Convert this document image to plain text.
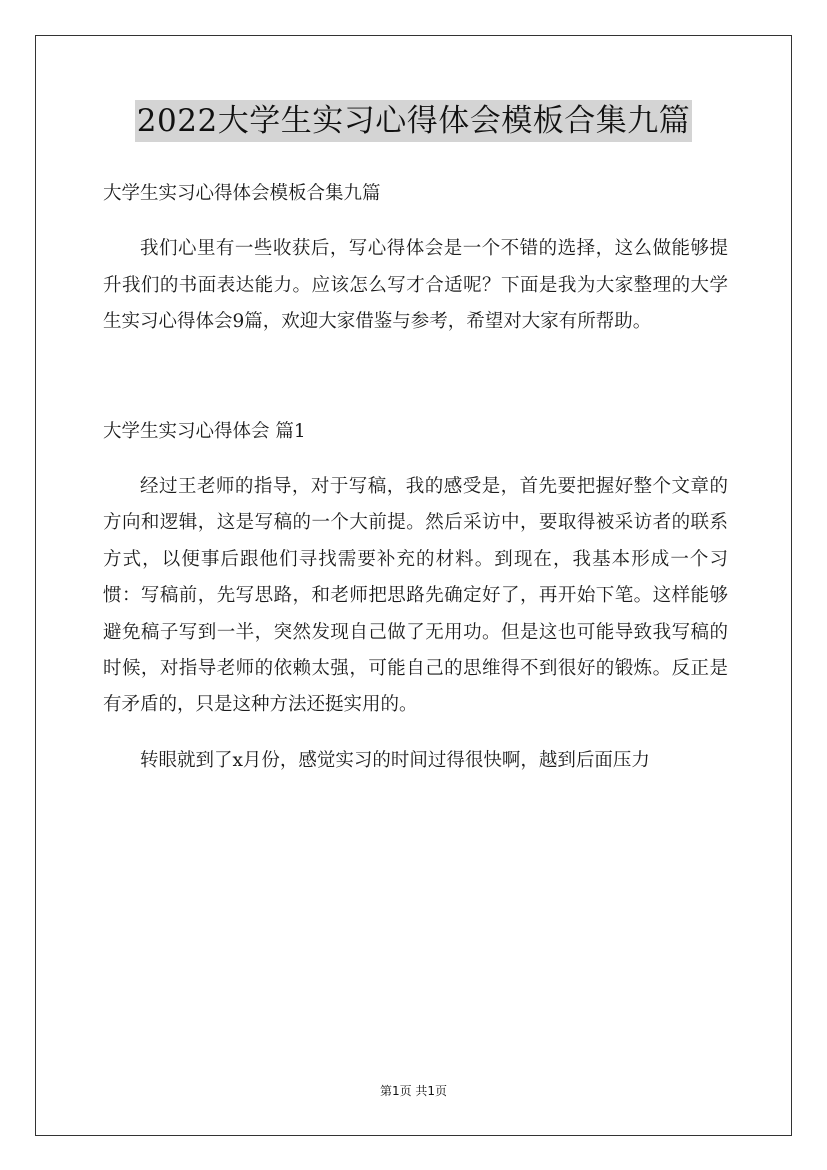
2022大学生实习心得体会模板合集九篇

大学生实习心得体会模板合集九篇

我们心里有一些收获后，写心得体会是一个不错的选择，这么做能够提升我们的书面表达能力。应该怎么写才合适呢？下面是我为大家整理的大学生实习心得体会9篇，欢迎大家借鉴与参考，希望对大家有所帮助。

大学生实习心得体会 篇1

经过王老师的指导，对于写稿，我的感受是，首先要把握好整个文章的方向和逻辑，这是写稿的一个大前提。然后采访中，要取得被采访者的联系方式，以便事后跟他们寻找需要补充的材料。到现在，我基本形成一个习惯：写稿前，先写思路，和老师把思路先确定好了，再开始下笔。这样能够避免稿子写到一半，突然发现自己做了无用功。但是这也可能导致我写稿的时候，对指导老师的依赖太强，可能自己的思维得不到很好的锻炼。反正是有矛盾的，只是这种方法还挺实用的。

转眼就到了x月份，感觉实习的时间过得很快啊，越到后面压力

第1页 共1页
